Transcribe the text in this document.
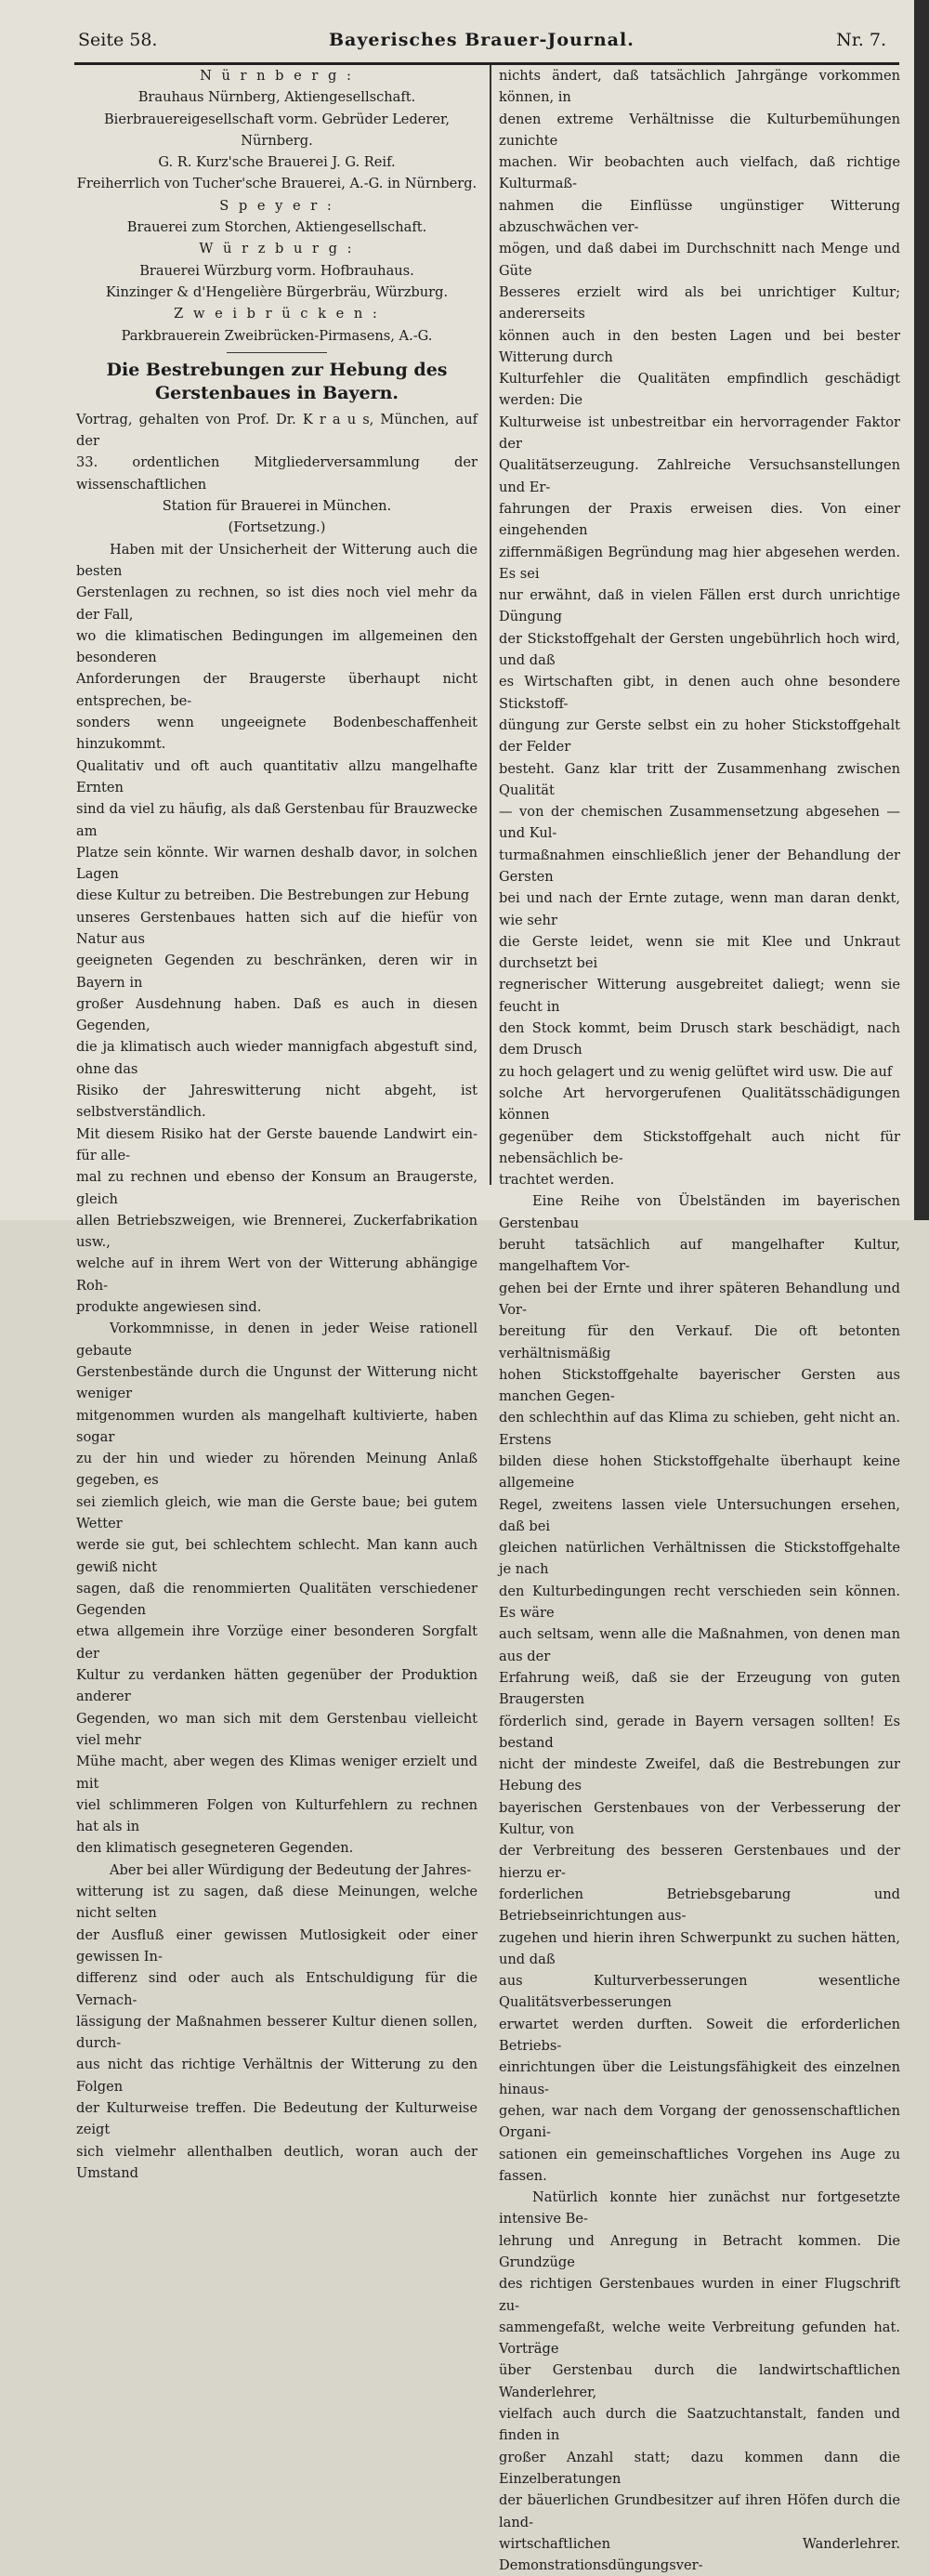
Seite 58.	Bayerisches Brauer-Journal.	Nr. 7.

N ü r n b e r g :

Brauhaus Nürnberg, Aktiengesellschaft.

Bierbrauereigesellschaft vorm. Gebrüder Lederer, Nürnberg.

G. R. Kurz'sche Brauerei J. G. Reif.

Freiherrlich von Tucher'sche Brauerei, A.-G. in Nürnberg.

S p e y e r :

Brauerei zum Storchen, Aktiengesellschaft.

W ü r z b u r g :

Brauerei Würzburg vorm. Hofbrauhaus.

Kinzinger & d'Hengelière Bürgerbräu, Würzburg.

Z w e i b r ü c k e n :

Parkbrauerein Zweibrücken-Pirmasens, A.-G.

Die Bestrebungen zur Hebung des Gerstenbaues in Bayern.
Vortrag, gehalten von Prof. Dr. K r a u s, München, auf der
33. ordentlichen Mitgliederversammlung der wissenschaftlichen
Station für Brauerei in München.
(Fortsetzung.)
Haben mit der Unsicherheit der Witterung auch die besten
Gerstenlagen zu rechnen, so ist dies noch viel mehr da der Fall,
wo die klimatischen Bedingungen im allgemeinen den besonderen
Anforderungen der Braugerste überhaupt nicht entsprechen, be-
sonders wenn ungeeignete Bodenbeschaffenheit hinzukommt.
Qualitativ und oft auch quantitativ allzu mangelhafte Ernten
sind da viel zu häufig, als daß Gerstenbau für Brauzwecke am
Platze sein könnte. Wir warnen deshalb davor, in solchen Lagen
diese Kultur zu betreiben. Die Bestrebungen zur Hebung
unseres Gerstenbaues hatten sich auf die hiefür von Natur aus
geeigneten Gegenden zu beschränken, deren wir in Bayern in
großer Ausdehnung haben. Daß es auch in diesen Gegenden,
die ja klimatisch auch wieder mannigfach abgestuft sind, ohne das
Risiko der Jahreswitterung nicht abgeht, ist selbstverständlich.
Mit diesem Risiko hat der Gerste bauende Landwirt ein- für alle-
mal zu rechnen und ebenso der Konsum an Braugerste, gleich
allen Betriebszweigen, wie Brennerei, Zuckerfabrikation usw.,
welche auf in ihrem Wert von der Witterung abhängige Roh-
produkte angewiesen sind.
Vorkommnisse, in denen in jeder Weise rationell gebaute
Gerstenbestände durch die Ungunst der Witterung nicht weniger
mitgenommen wurden als mangelhaft kultivierte, haben sogar
zu der hin und wieder zu hörenden Meinung Anlaß gegeben, es
sei ziemlich gleich, wie man die Gerste baue; bei gutem Wetter
werde sie gut, bei schlechtem schlecht. Man kann auch gewiß nicht
sagen, daß die renommierten Qualitäten verschiedener Gegenden
etwa allgemein ihre Vorzüge einer besonderen Sorgfalt der
Kultur zu verdanken hätten gegenüber der Produktion anderer
Gegenden, wo man sich mit dem Gerstenbau vielleicht viel mehr
Mühe macht, aber wegen des Klimas weniger erzielt und mit
viel schlimmeren Folgen von Kulturfehlern zu rechnen hat als in
den klimatisch gesegneteren Gegenden.
Aber bei aller Würdigung der Bedeutung der Jahres-
witterung ist zu sagen, daß diese Meinungen, welche nicht selten
der Ausfluß einer gewissen Mutlosigkeit oder einer gewissen In-
differenz sind oder auch als Entschuldigung für die Vernach-
lässigung der Maßnahmen besserer Kultur dienen sollen, durch-
aus nicht das richtige Verhältnis der Witterung zu den Folgen
der Kulturweise treffen. Die Bedeutung der Kulturweise zeigt
sich vielmehr allenthalben deutlich, woran auch der Umstand
nichts ändert, daß tatsächlich Jahrgänge vorkommen können, in
denen extreme Verhältnisse die Kulturbemühungen zunichte
machen. Wir beobachten auch vielfach, daß richtige Kulturmaß-
nahmen die Einflüsse ungünstiger Witterung abzuschwächen ver-
mögen, und daß dabei im Durchschnitt nach Menge und Güte
Besseres erzielt wird als bei unrichtiger Kultur; andererseits
können auch in den besten Lagen und bei bester Witterung durch
Kulturfehler die Qualitäten empfindlich geschädigt werden: Die
Kulturweise ist unbestreitbar ein hervorragender Faktor der
Qualitätserzeugung. Zahlreiche Versuchsanstellungen und Er-
fahrungen der Praxis erweisen dies. Von einer eingehenden
ziffernmäßigen Begründung mag hier abgesehen werden. Es sei
nur erwähnt, daß in vielen Fällen erst durch unrichtige Düngung
der Stickstoffgehalt der Gersten ungebührlich hoch wird, und daß
es Wirtschaften gibt, in denen auch ohne besondere Stickstoff-
düngung zur Gerste selbst ein zu hoher Stickstoffgehalt der Felder
besteht. Ganz klar tritt der Zusammenhang zwischen Qualität
— von der chemischen Zusammensetzung abgesehen — und Kul-
turmaßnahmen einschließlich jener der Behandlung der Gersten
bei und nach der Ernte zutage, wenn man daran denkt, wie sehr
die Gerste leidet, wenn sie mit Klee und Unkraut durchsetzt bei
regnerischer Witterung ausgebreitet daliegt; wenn sie feucht in
den Stock kommt, beim Drusch stark beschädigt, nach dem Drusch
zu hoch gelagert und zu wenig gelüftet wird usw. Die auf
solche Art hervorgerufenen Qualitätsschädigungen können
gegenüber dem Stickstoffgehalt auch nicht für nebensächlich be-
trachtet werden.
Eine Reihe von Übelständen im bayerischen Gerstenbau
beruht tatsächlich auf mangelhafter Kultur, mangelhaftem Vor-
gehen bei der Ernte und ihrer späteren Behandlung und Vor-
bereitung für den Verkauf. Die oft betonten verhältnismäßig
hohen Stickstoffgehalte bayerischer Gersten aus manchen Gegen-
den schlechthin auf das Klima zu schieben, geht nicht an. Erstens
bilden diese hohen Stickstoffgehalte überhaupt keine allgemeine
Regel, zweitens lassen viele Untersuchungen ersehen, daß bei
gleichen natürlichen Verhältnissen die Stickstoffgehalte je nach
den Kulturbedingungen recht verschieden sein können. Es wäre
auch seltsam, wenn alle die Maßnahmen, von denen man aus der
Erfahrung weiß, daß sie der Erzeugung von guten Braugersten
förderlich sind, gerade in Bayern versagen sollten! Es bestand
nicht der mindeste Zweifel, daß die Bestrebungen zur Hebung des
bayerischen Gerstenbaues von der Verbesserung der Kultur, von
der Verbreitung des besseren Gerstenbaues und der hierzu er-
forderlichen Betriebsgebarung und Betriebseinrichtungen aus-
zugehen und hierin ihren Schwerpunkt zu suchen hätten, und daß
aus Kulturverbesserungen wesentliche Qualitätsverbesserungen
erwartet werden durften. Soweit die erforderlichen Betriebs-
einrichtungen über die Leistungsfähigkeit des einzelnen hinaus-
gehen, war nach dem Vorgang der genossenschaftlichen Organi-
sationen ein gemeinschaftliches Vorgehen ins Auge zu fassen.
Natürlich konnte hier zunächst nur fortgesetzte intensive Be-
lehrung und Anregung in Betracht kommen. Die Grundzüge
des richtigen Gerstenbaues wurden in einer Flugschrift zu-
sammengefaßt, welche weite Verbreitung gefunden hat. Vorträge
über Gerstenbau durch die landwirtschaftlichen Wanderlehrer,
vielfach auch durch die Saatzuchtanstalt, fanden und finden in
großer Anzahl statt; dazu kommen dann die Einzelberatungen
der bäuerlichen Grundbesitzer auf ihren Höfen durch die land-
wirtschaftlichen Wanderlehrer. Demonstrationsdüngungsver-
